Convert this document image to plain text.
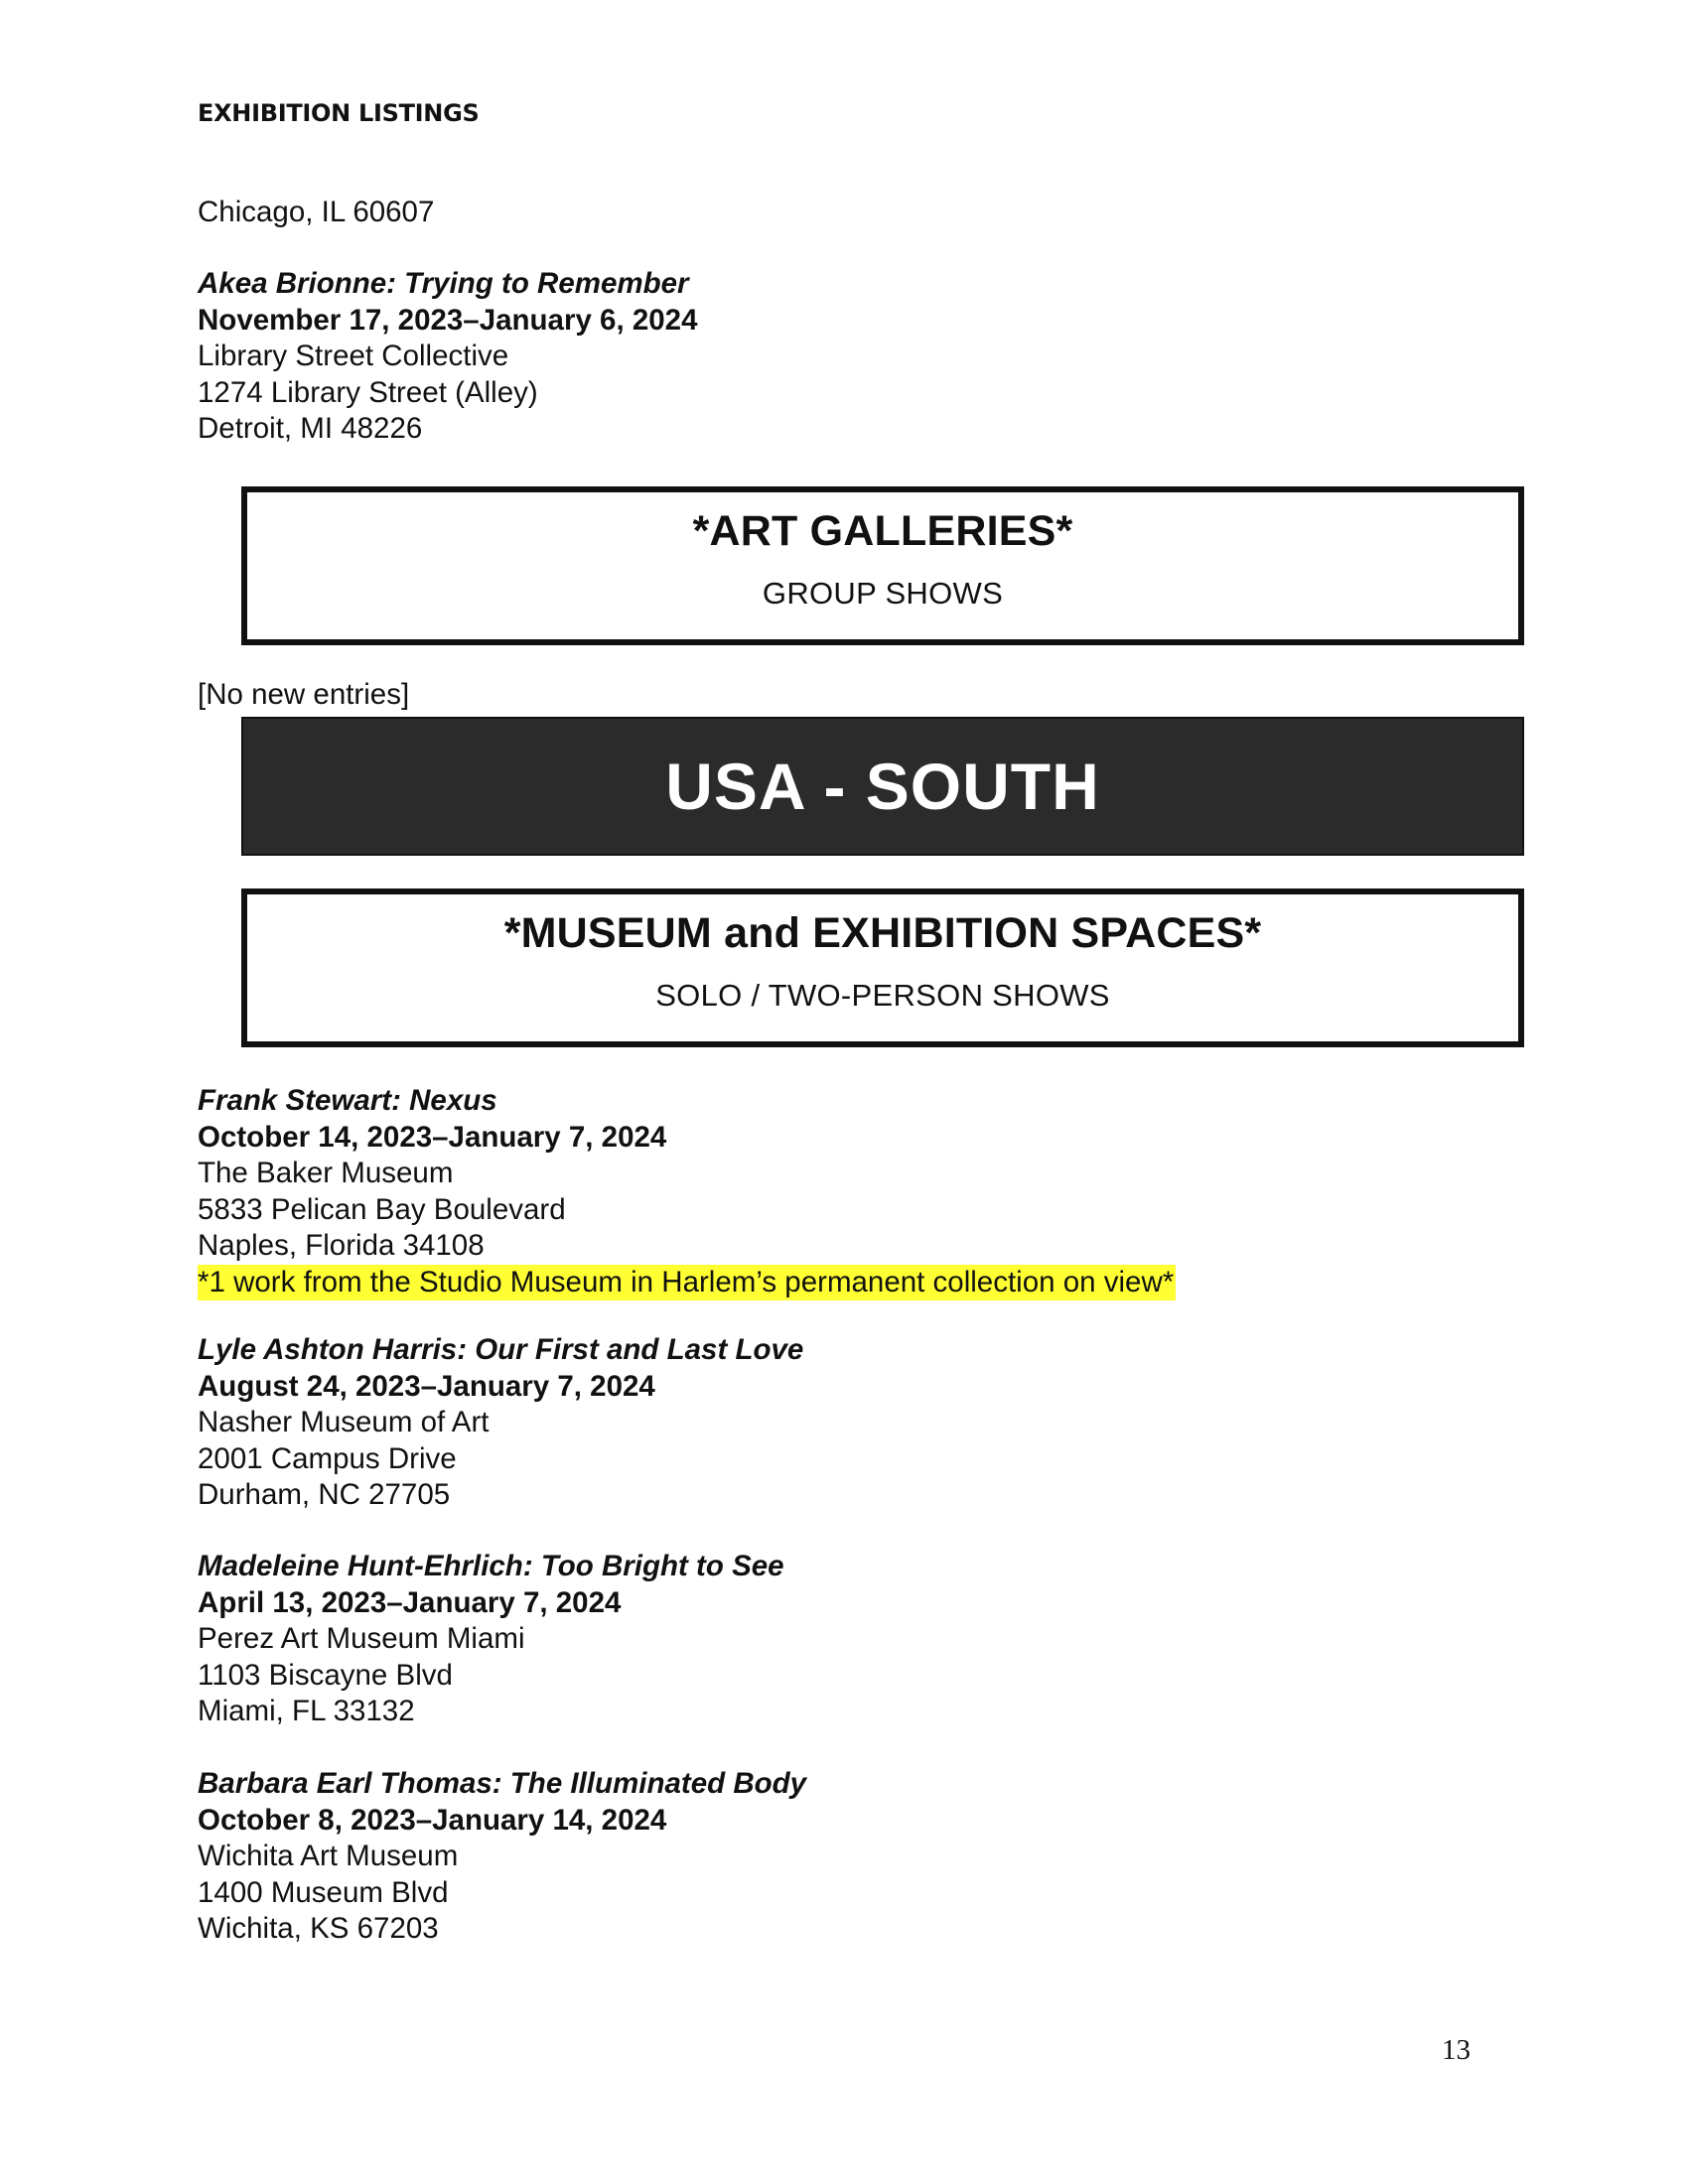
EXHIBITION LISTINGS
Chicago, IL 60607
Akea Brionne: Trying to Remember
November 17, 2023–January 6, 2024
Library Street Collective
1274 Library Street (Alley)
Detroit, MI 48226
*ART GALLERIES*
GROUP SHOWS
[No new entries]
USA - SOUTH
*MUSEUM and EXHIBITION SPACES*
SOLO / TWO-PERSON SHOWS
Frank Stewart: Nexus
October 14, 2023–January 7, 2024
The Baker Museum
5833 Pelican Bay Boulevard
Naples, Florida 34108
*1 work from the Studio Museum in Harlem’s permanent collection on view*
Lyle Ashton Harris: Our First and Last Love
August 24, 2023–January 7, 2024
Nasher Museum of Art
2001 Campus Drive
Durham, NC 27705
Madeleine Hunt-Ehrlich: Too Bright to See
April 13, 2023–January 7, 2024
Perez Art Museum Miami
1103 Biscayne Blvd
Miami, FL 33132
Barbara Earl Thomas: The Illuminated Body
October 8, 2023–January 14, 2024
Wichita Art Museum
1400 Museum Blvd
Wichita, KS 67203
13
